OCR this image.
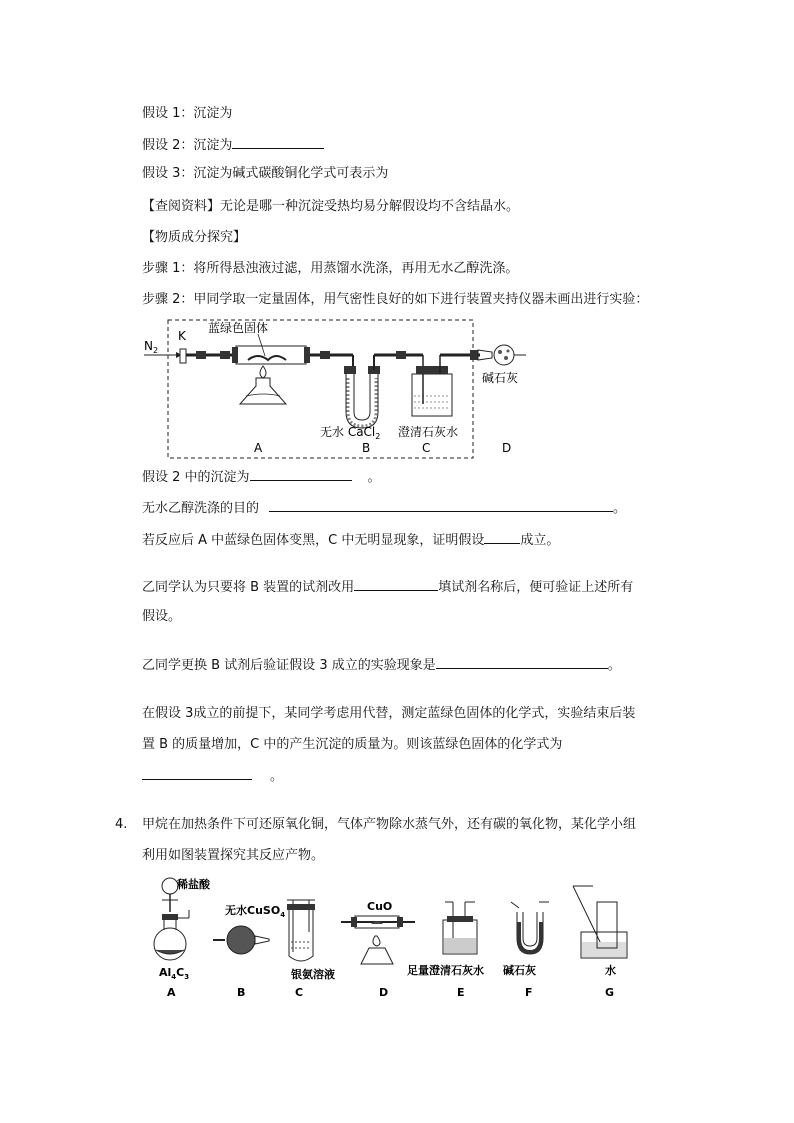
假设 1：沉淀为
假设 2：沉淀为
假设 3：沉淀为碱式碳酸铜化学式可表示为
【查阅资料】无论是哪一种沉淀受热均易分解假设均不含结晶水。
【物质成分探究】
步骤 1：将所得悬浊液过滤，用蒸馏水洗涤，再用无水乙醇洗涤。
步骤 2：甲同学取一定量固体，用气密性良好的如下进行装置夹持仪器未画出进行实验：
$N_2$
K
蓝绿色固体
碱石灰
无水 CaCl$_2$ 澄清石灰水
A	B	C	D
假设 2 中的沉淀为	。
无水乙醇洗涤的目的	。
若反应后 A 中蓝绿色固体变黑，C 中无明显现象，证明假设	成立。
乙同学认为只要将 B 装置的试剂改用	填试剂名称后，便可验证上述所有
假设。
乙同学更换 B 试剂后验证假设 3 成立的实验现象是	。
在假设 3成立的前提下，某同学考虑用代替，测定蓝绿色固体的化学式，实验结束后装
置 B 的质量增加，C 中的产生沉淀的质量为。则该蓝绿色固体的化学式为
。
4. 甲烷在加热条件下可还原氧化铜，气体产物除水蒸气外，还有碳的氧化物，某化学小组
利用如图装置探究其反应产物。
稀盐酸
$Al_4C_3$
A
无水CuSO$_4$
B
银氨溶液
C
CuO
D
足量澄清石灰水
E
碱石灰
F
水
G
